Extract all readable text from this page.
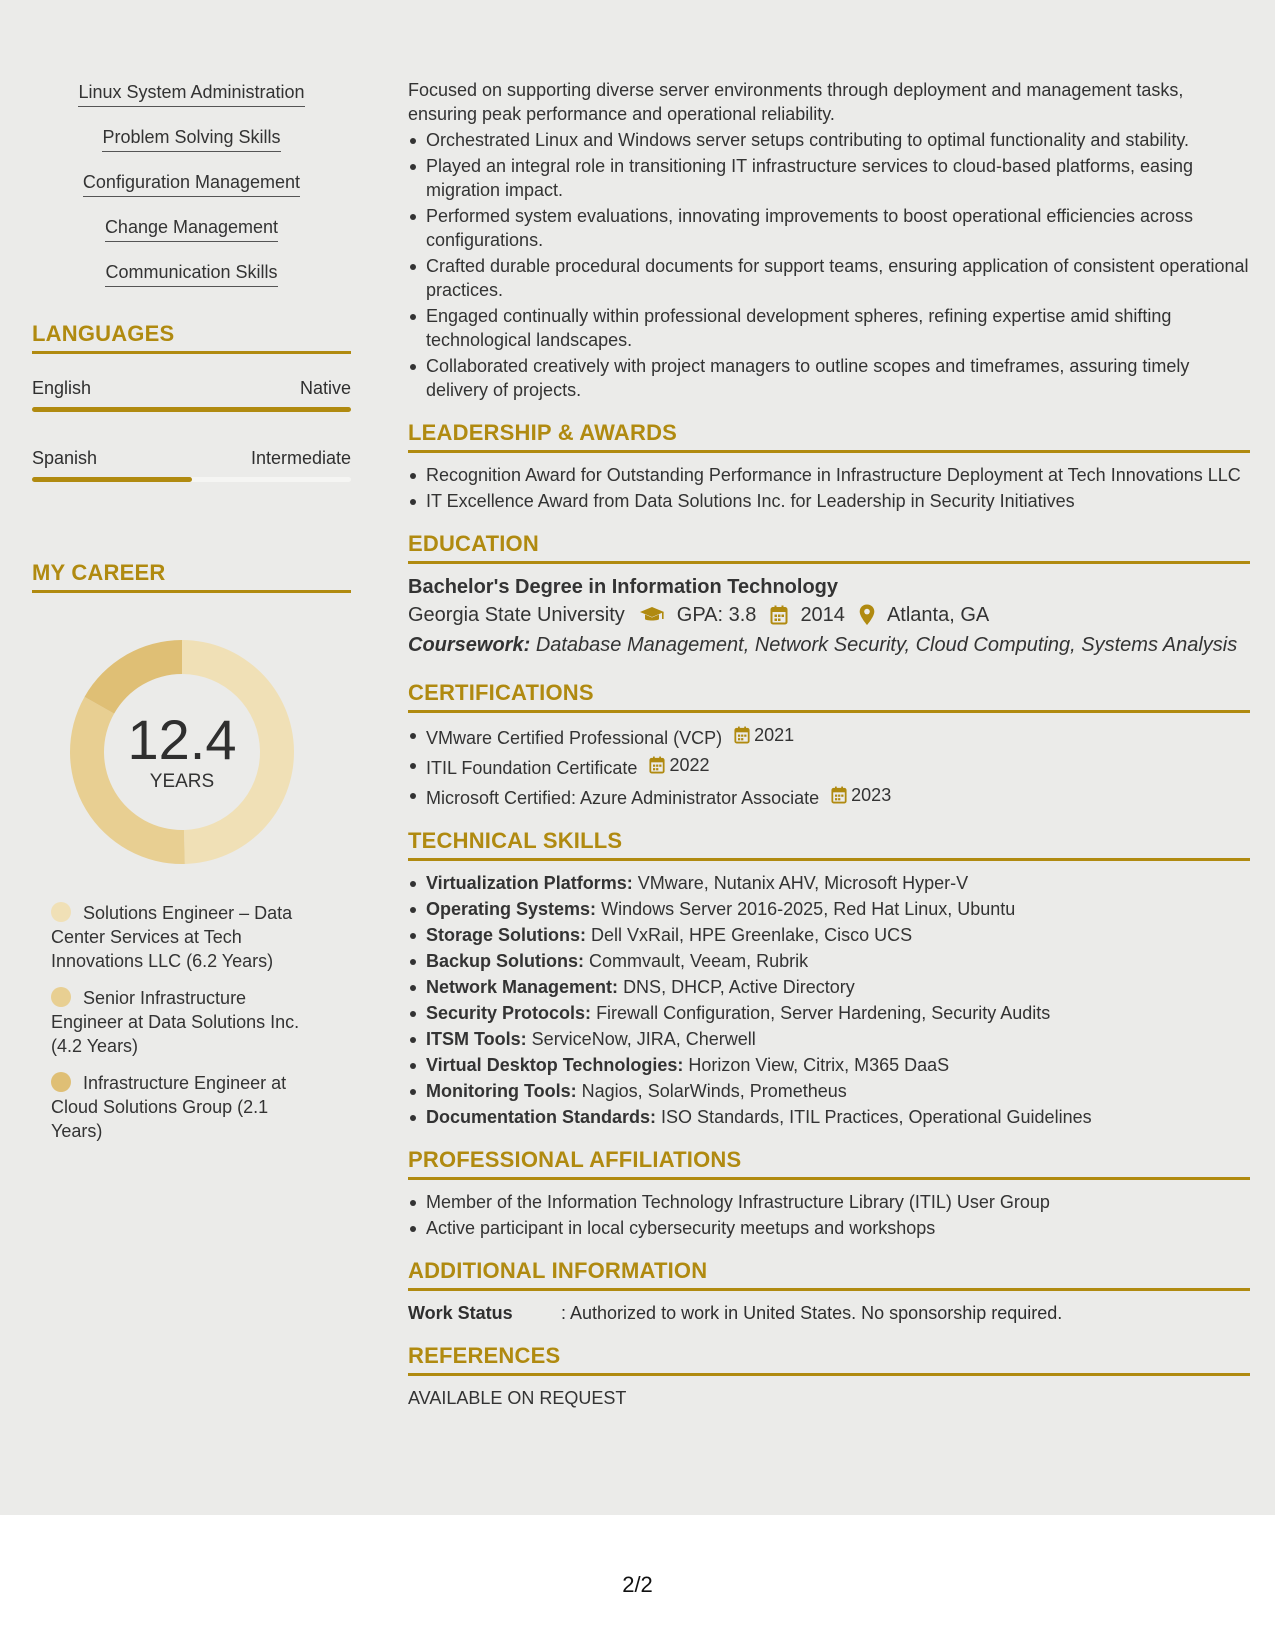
Linux System Administration
Problem Solving Skills
Configuration Management
Change Management
Communication Skills
LANGUAGES
English	Native
Spanish	Intermediate
MY CAREER
12.4
YEARS
Solutions Engineer – Data Center Services at Tech Innovations LLC (6.2 Years)
Senior Infrastructure Engineer at Data Solutions Inc. (4.2 Years)
Infrastructure Engineer at Cloud Solutions Group (2.1 Years)

Focused on supporting diverse server environments through deployment and management tasks, ensuring peak performance and operational reliability.

Orchestrated Linux and Windows server setups contributing to optimal functionality and stability.
Played an integral role in transitioning IT infrastructure services to cloud-based platforms, easing migration impact.
Performed system evaluations, innovating improvements to boost operational efficiencies across configurations.
Crafted durable procedural documents for support teams, ensuring application of consistent operational practices.
Engaged continually within professional development spheres, refining expertise amid shifting technological landscapes.
Collaborated creatively with project managers to outline scopes and timeframes, assuring timely delivery of projects.
LEADERSHIP & AWARDS
Recognition Award for Outstanding Performance in Infrastructure Deployment at Tech Innovations LLC
IT Excellence Award from Data Solutions Inc. for Leadership in Security Initiatives
EDUCATION
Bachelor's Degree in Information Technology
Georgia State University	GPA: 3.8 2014 Atlanta, GA
Coursework: Database Management, Network Security, Cloud Computing, Systems Analysis
CERTIFICATIONS
VMware Certified Professional (VCP) 2021
ITIL Foundation Certificate 2022
Microsoft Certified: Azure Administrator Associate 2023
TECHNICAL SKILLS
Virtualization Platforms: VMware, Nutanix AHV, Microsoft Hyper-V
Operating Systems: Windows Server 2016-2025, Red Hat Linux, Ubuntu
Storage Solutions: Dell VxRail, HPE Greenlake, Cisco UCS
Backup Solutions: Commvault, Veeam, Rubrik
Network Management: DNS, DHCP, Active Directory
Security Protocols: Firewall Configuration, Server Hardening, Security Audits
ITSM Tools: ServiceNow, JIRA, Cherwell
Virtual Desktop Technologies: Horizon View, Citrix, M365 DaaS
Monitoring Tools: Nagios, SolarWinds, Prometheus
Documentation Standards: ISO Standards, ITIL Practices, Operational Guidelines
PROFESSIONAL AFFILIATIONS
Member of the Information Technology Infrastructure Library (ITIL) User Group
Active participant in local cybersecurity meetups and workshops
ADDITIONAL INFORMATION
Work Status	: Authorized to work in United States. No sponsorship required.
REFERENCES

AVAILABLE ON REQUEST

2/2
